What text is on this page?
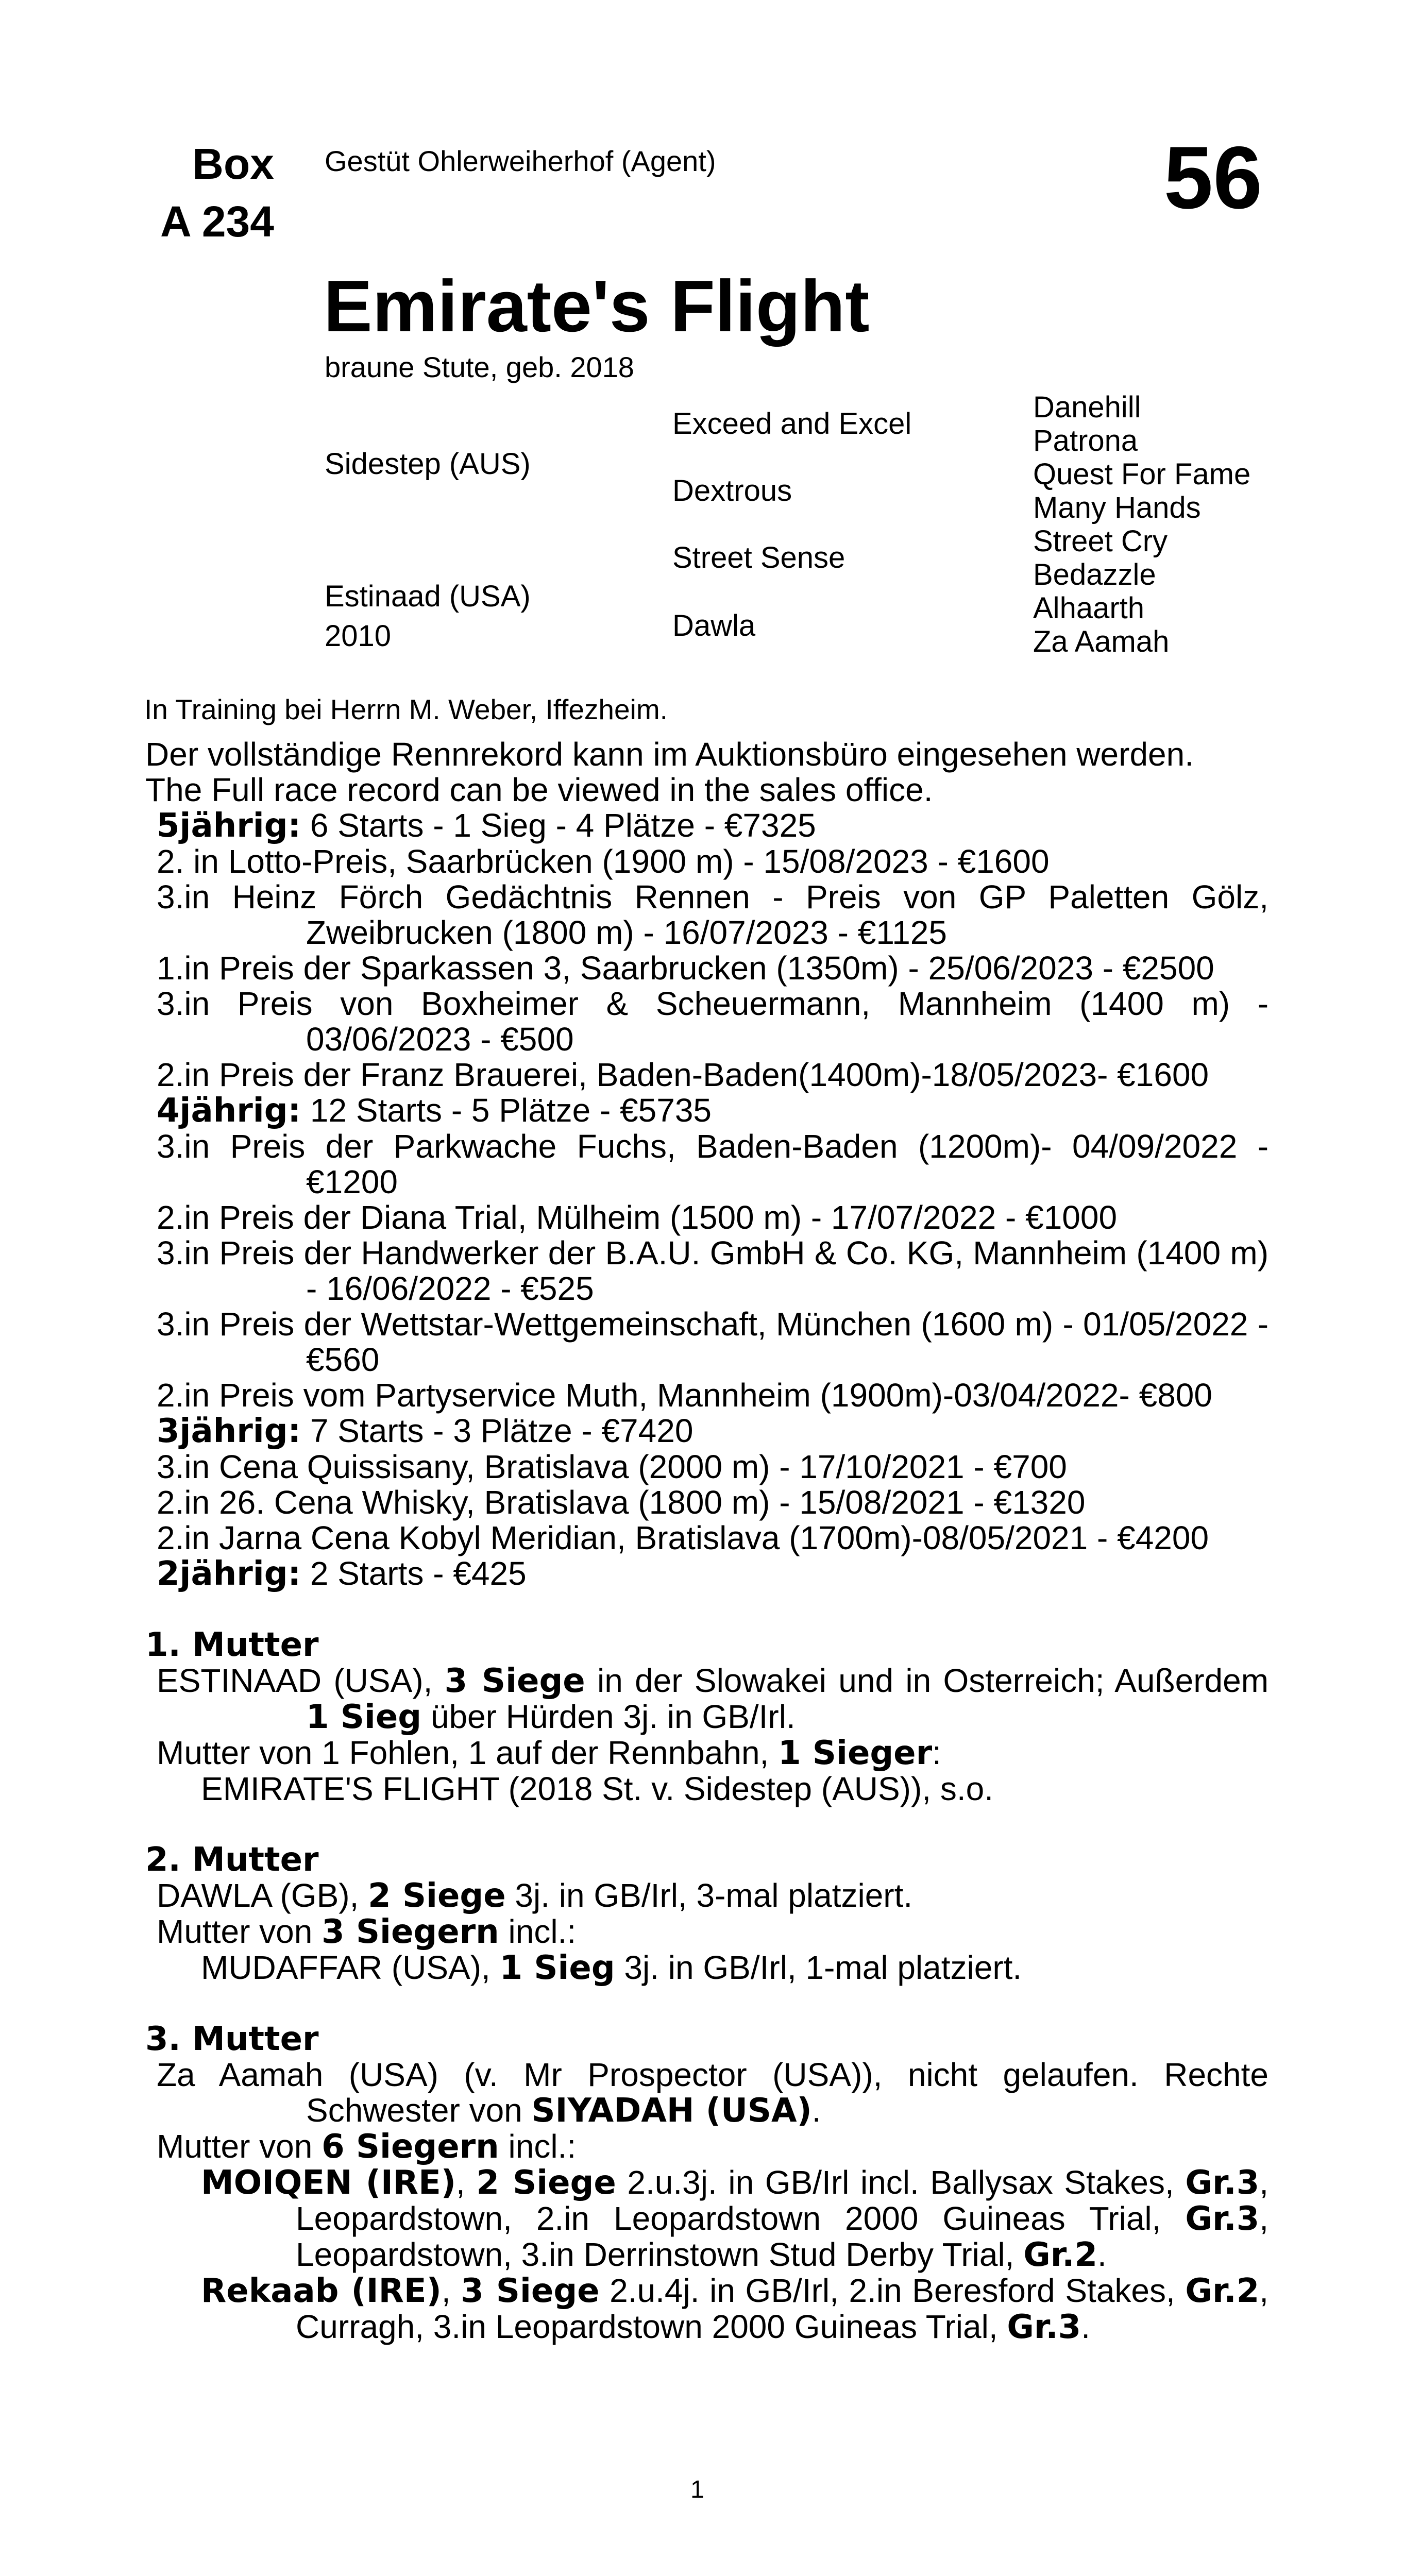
Box
A 234
Gestüt Ohlerweiherhof (Agent)	56
Emirate's Flight
braune Stute, geb. 2018
Sidestep (AUS)
Estinaad (USA)
2010
Exceed and Excel
Dextrous
Street Sense
Dawla
Danehill
Patrona
Quest For Fame
Many Hands
Street Cry
Bedazzle
Alhaarth
Za Aamah
In Training bei Herrn M. Weber, Iffezheim.
Der vollständige Rennrekord kann im Auktionsbüro eingesehen werden.
The Full race record can be viewed in the sales office.
5jährig: 6 Starts - 1 Sieg - 4 Plätze - €7325
2. in Lotto-Preis, Saarbrücken (1900 m) - 15/08/2023 - €1600
3.in Heinz Förch Gedächtnis Rennen - Preis von GP Paletten Gölz, Zweibrucken (1800 m) - 16/07/2023 - €1125
1.in Preis der Sparkassen 3, Saarbrucken (1350m) - 25/06/2023 - €2500
3.in Preis von Boxheimer & Scheuermann, Mannheim (1400 m) - 03/06/2023 - €500
2.in Preis der Franz Brauerei, Baden-Baden(1400m)-18/05/2023- €1600
4jährig: 12 Starts - 5 Plätze - €5735
3.in Preis der Parkwache Fuchs, Baden-Baden (1200m)- 04/09/2022 - €1200
2.in Preis der Diana Trial, Mülheim (1500 m) - 17/07/2022 - €1000
3.in Preis der Handwerker der B.A.U. GmbH & Co. KG, Mannheim (1400 m) - 16/06/2022 - €525
3.in Preis der Wettstar-Wettgemeinschaft, München (1600 m) - 01/05/2022 - €560
2.in Preis vom Partyservice Muth, Mannheim (1900m)-03/04/2022- €800
3jährig: 7 Starts - 3 Plätze - €7420
3.in Cena Quissisany, Bratislava (2000 m) - 17/10/2021 - €700
2.in 26. Cena Whisky, Bratislava (1800 m) - 15/08/2021 - €1320
2.in Jarna Cena Kobyl Meridian, Bratislava (1700m)-08/05/2021 - €4200
2jährig: 2 Starts - €425
1. Mutter
ESTINAAD (USA), 3 Siege in der Slowakei und in Osterreich; Außerdem 1 Sieg über Hürden 3j. in GB/Irl.
Mutter von 1 Fohlen, 1 auf der Rennbahn, 1 Sieger:
EMIRATE'S FLIGHT (2018 St. v. Sidestep (AUS)), s.o.
2. Mutter
DAWLA (GB), 2 Siege 3j. in GB/Irl, 3-mal platziert.
Mutter von 3 Siegern incl.:
MUDAFFAR (USA), 1 Sieg 3j. in GB/Irl, 1-mal platziert.
3. Mutter
Za Aamah (USA) (v. Mr Prospector (USA)), nicht gelaufen. Rechte Schwester von SIYADAH (USA).
Mutter von 6 Siegern incl.:
MOIQEN (IRE), 2 Siege 2.u.3j. in GB/Irl incl. Ballysax Stakes, Gr.3, Leopardstown, 2.in Leopardstown 2000 Guineas Trial, Gr.3, Leopardstown, 3.in Derrinstown Stud Derby Trial, Gr.2.
Rekaab (IRE), 3 Siege 2.u.4j. in GB/Irl, 2.in Beresford Stakes, Gr.2, Curragh, 3.in Leopardstown 2000 Guineas Trial, Gr.3.
1
